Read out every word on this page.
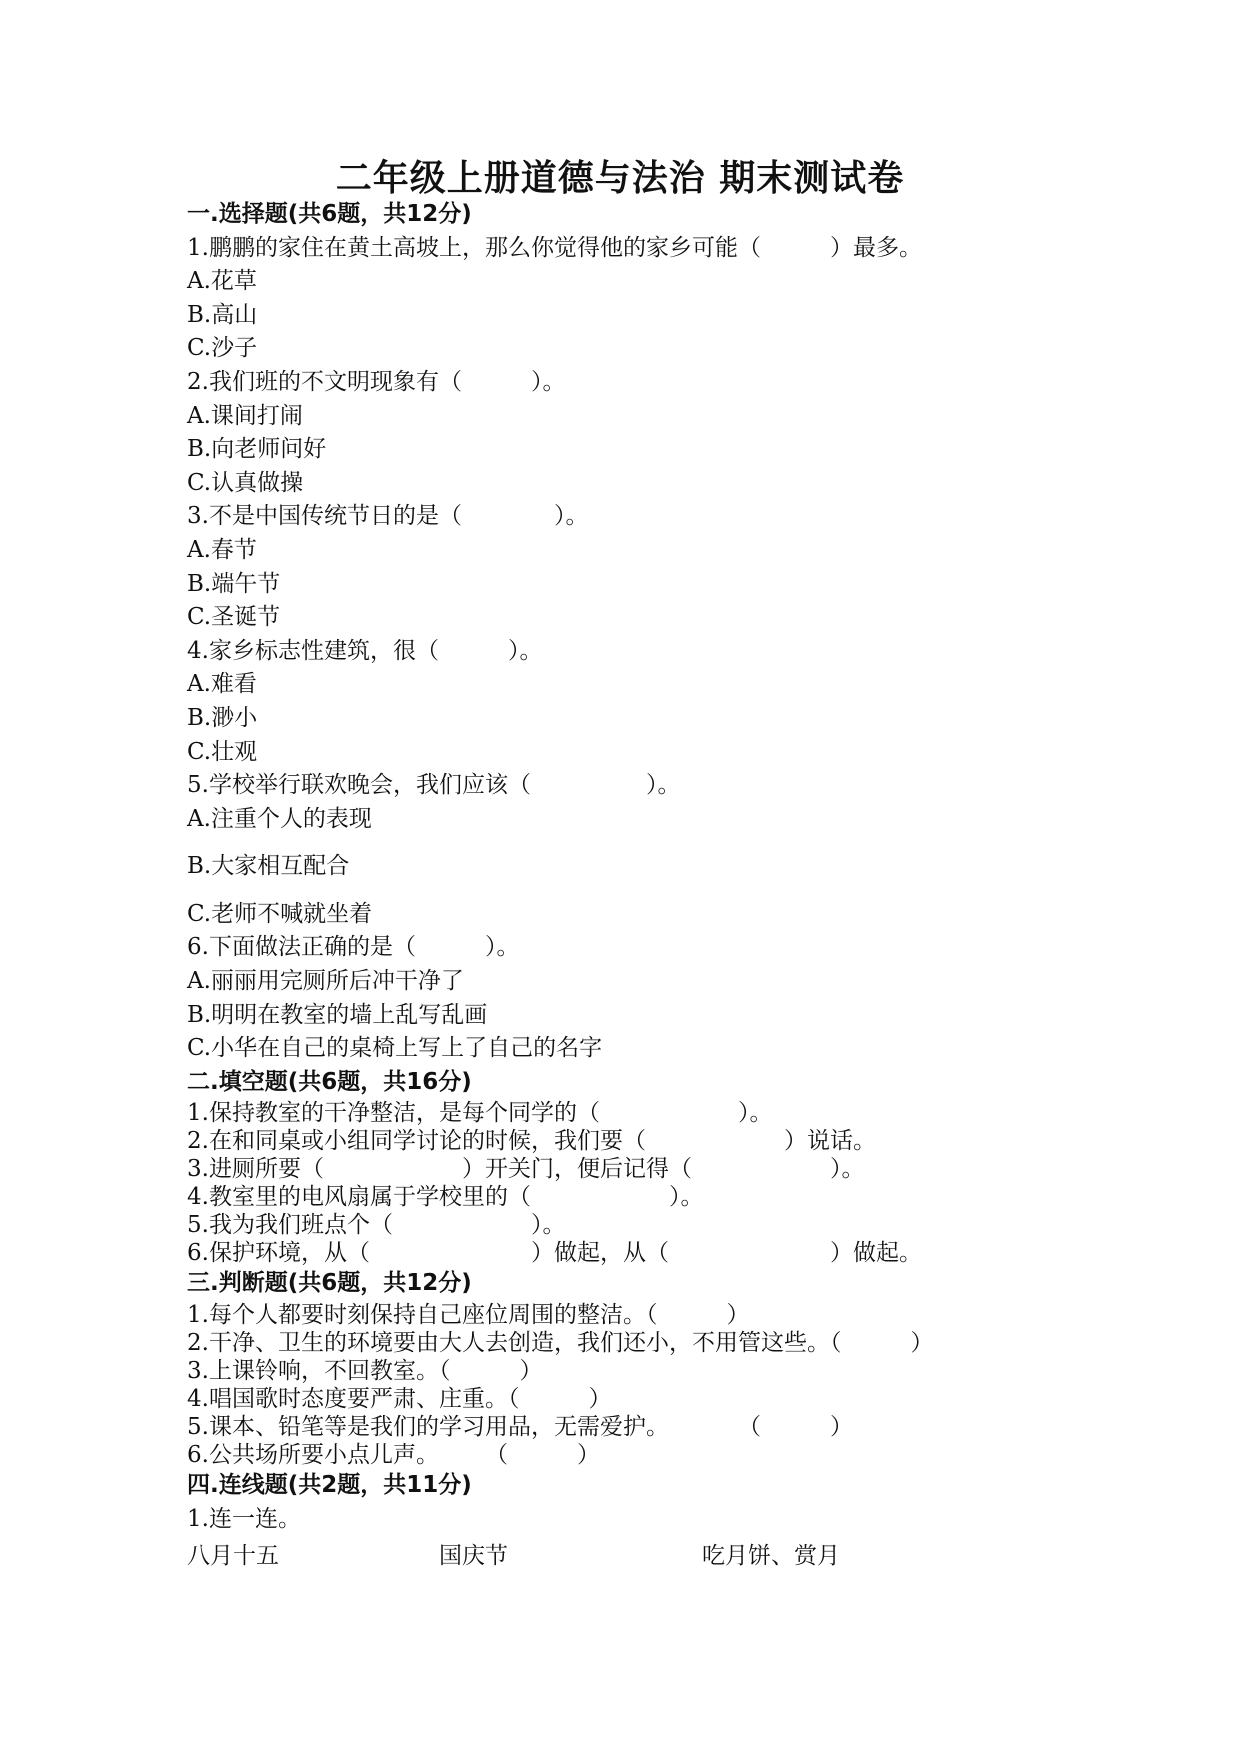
二年级上册道德与法治 期末测试卷
一.选择题(共6题，共12分)
1.鹏鹏的家住在黄土高坡上，那么你觉得他的家乡可能（　　　）最多。
A.花草
B.高山
C.沙子
2.我们班的不文明现象有（　　　）。
A.课间打闹
B.向老师问好
C.认真做操
3.不是中国传统节日的是（　　　　）。
A.春节
B.端午节
C.圣诞节
4.家乡标志性建筑，很（　　　）。
A.难看
B.渺小
C.壮观
5.学校举行联欢晚会，我们应该（　　　　　）。
A.注重个人的表现
B.大家相互配合
C.老师不喊就坐着
6.下面做法正确的是（　　　）。
A.丽丽用完厕所后冲干净了
B.明明在教室的墙上乱写乱画
C.小华在自己的桌椅上写上了自己的名字
二.填空题(共6题，共16分)
1.保持教室的干净整洁，是每个同学的（　　　　　　）。
2.在和同桌或小组同学讨论的时候，我们要（　　　　　　）说话。
3.进厕所要（　　　　　　）开关门，便后记得（　　　　　　）。
4.教室里的电风扇属于学校里的（　　　　　　）。
5.我为我们班点个（　　　　　　）。
6.保护环境，从（　　　　　　　）做起，从（　　　　　　　）做起。
三.判断题(共6题，共12分)
1.每个人都要时刻保持自己座位周围的整洁。（　　　）
2.干净、卫生的环境要由大人去创造，我们还小，不用管这些。（　　　）
3.上课铃响，不回教室。（　　　）
4.唱国歌时态度要严肃、庄重。（　　　）
5.课本、铅笔等是我们的学习用品，无需爱护。　　　　（　　　）
6.公共场所要小点儿声。　　　（　　　）
四.连线题(共2题，共11分)
1.连一连。
八月十五	国庆节	吃月饼、赏月
